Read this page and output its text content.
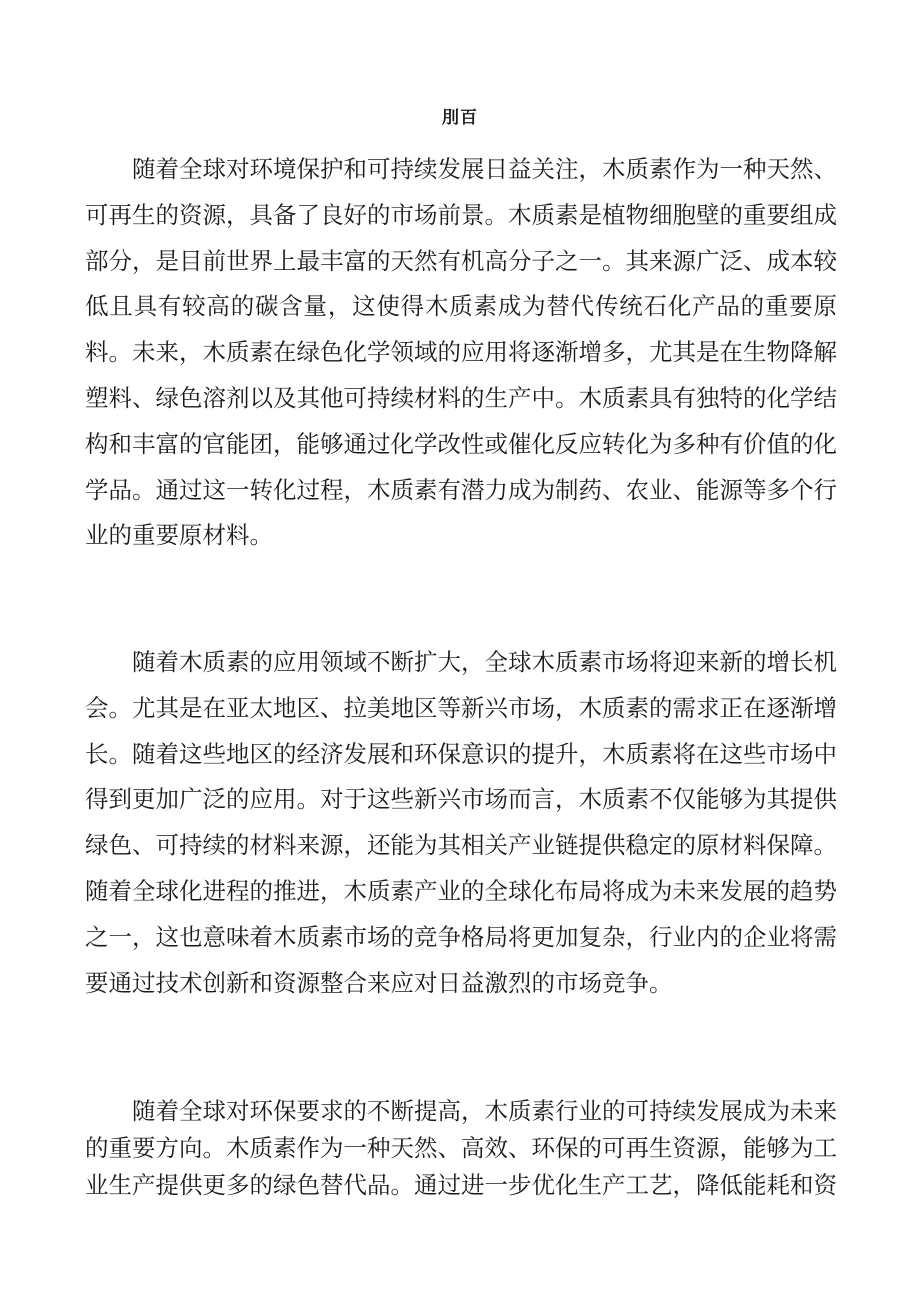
刖百

随着全球对环境保护和可持续发展日益关注，木质素作为一种天然、可再生的资源，具备了良好的市场前景。木质素是植物细胞壁的重要组成部分，是目前世界上最丰富的天然有机高分子之一。其来源广泛、成本较低且具有较高的碳含量，这使得木质素成为替代传统石化产品的重要原料。未来，木质素在绿色化学领域的应用将逐渐增多，尤其是在生物降解塑料、绿色溶剂以及其他可持续材料的生产中。木质素具有独特的化学结构和丰富的官能团，能够通过化学改性或催化反应转化为多种有价值的化学品。通过这一转化过程，木质素有潜力成为制药、农业、能源等多个行业的重要原材料。

随着木质素的应用领域不断扩大，全球木质素市场将迎来新的增长机会。尤其是在亚太地区、拉美地区等新兴市场，木质素的需求正在逐渐增长。随着这些地区的经济发展和环保意识的提升，木质素将在这些市场中得到更加广泛的应用。对于这些新兴市场而言，木质素不仅能够为其提供绿色、可持续的材料来源，还能为其相关产业链提供稳定的原材料保障。随着全球化进程的推进，木质素产业的全球化布局将成为未来发展的趋势之一，这也意味着木质素市场的竞争格局将更加复杂，行业内的企业将需要通过技术创新和资源整合来应对日益激烈的市场竞争。

随着全球对环保要求的不断提高，木质素行业的可持续发展成为未来的重要方向。木质素作为一种天然、高效、环保的可再生资源，能够为工业生产提供更多的绿色替代品。通过进一步优化生产工艺，降低能耗和资
